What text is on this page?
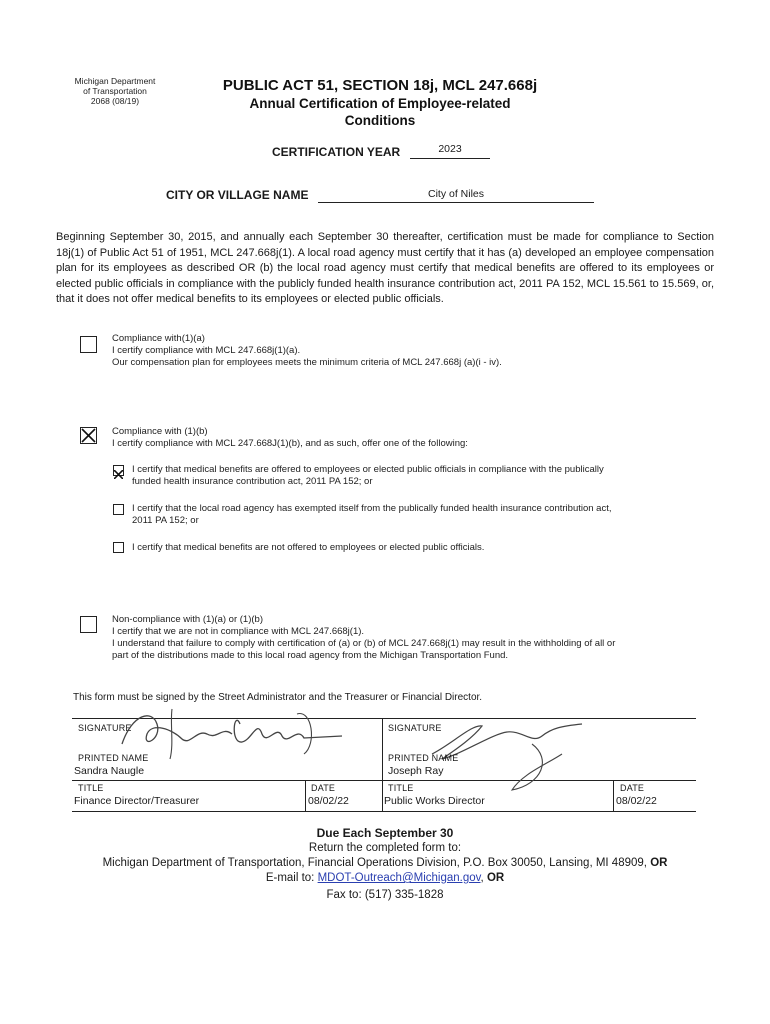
Michigan Department
of Transportation
2068 (08/19)
PUBLIC ACT 51, SECTION 18j, MCL 247.668j
Annual Certification of Employee-related
Conditions
CERTIFICATION YEAR	2023
CITY OR VILLAGE NAME	City of Niles
Beginning September 30, 2015, and annually each September 30 thereafter, certification must be made for compliance to Section 18j(1) of Public Act 51 of 1951, MCL 247.668j(1). A local road agency must certify that it has (a) developed an employee compensation plan for its employees as described OR (b) the local road agency must certify that medical benefits are offered to its employees or elected public officials in compliance with the publicly funded health insurance contribution act, 2011 PA 152, MCL 15.561 to 15.569, or, that it does not offer medical benefits to its employees or elected public officials.
Compliance with(1)(a)
I certify compliance with MCL 247.668j(1)(a).
Our compensation plan for employees meets the minimum criteria of MCL 247.668j (a)(i - iv).
Compliance with (1)(b)
I certify compliance with MCL 247.668J(1)(b), and as such, offer one of the following:
I certify that medical benefits are offered to employees or elected public officials in compliance with the publically
funded health insurance contribution act, 2011 PA 152; or
I certify that the local road agency has exempted itself from the publically funded health insurance contribution act,
2011 PA 152; or
I certify that medical benefits are not offered to employees or elected public officials.
Non-compliance with (1)(a) or (1)(b)
I certify that we are not in compliance with MCL 247.668j(1).
I understand that failure to comply with certification of (a) or (b) of MCL 247.668j(1) may result in the withholding of all or
part of the distributions made to this local road agency from the Michigan Transportation Fund.
This form must be signed by the Street Administrator and the Treasurer or Financial Director.
SIGNATURE
PRINTED NAME
Sandra Naugle
TITLE
Finance Director/Treasurer
DATE
08/02/22
SIGNATURE
PRINTED NAME
Joseph Ray
TITLE
Public Works Director
DATE
08/02/22
Due Each September 30
Return the completed form to:
Michigan Department of Transportation, Financial Operations Division, P.O. Box 30050, Lansing, MI 48909, OR
E-mail to: MDOT-Outreach@Michigan.gov, OR
Fax to: (517) 335-1828
